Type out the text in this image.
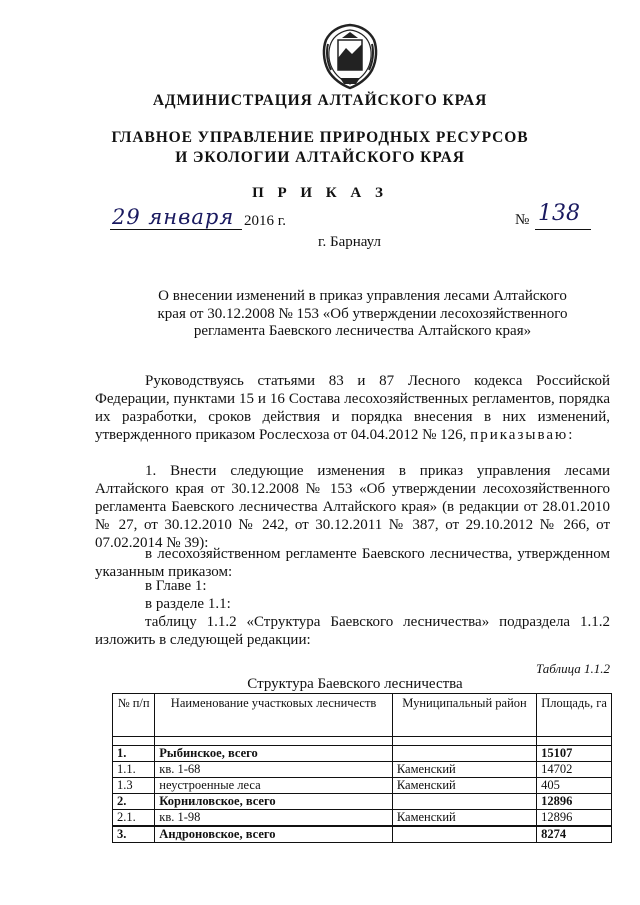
АДМИНИСТРАЦИЯ АЛТАЙСКОГО КРАЯ
ГЛАВНОЕ УПРАВЛЕНИЕ ПРИРОДНЫХ РЕСУРСОВ
И ЭКОЛОГИИ АЛТАЙСКОГО КРАЯ
П Р И К А З
29 января 2016 г.	№ 138
г. Барнаул
О внесении изменений в приказ управления лесами Алтайского
края от 30.12.2008 № 153 «Об утверждении лесохозяйственного
регламента Баевского лесничества Алтайского края»
Руководствуясь статьями 83 и 87 Лесного кодекса Российской Федерации, пунктами 15 и 16 Состава лесохозяйственных регламентов, порядка их разработки, сроков действия и порядка внесения в них изменений, утвержденного приказом Рослесхоза от 04.04.2012 № 126, приказываю:
1. Внести следующие изменения в приказ управления лесами Алтайского края от 30.12.2008 № 153 «Об утверждении лесохозяйственного регламента Баевского лесничества Алтайского края» (в редакции от 28.01.2010 № 27, от 30.12.2010 № 242, от 30.12.2011 № 387, от 29.10.2012 № 266, от 07.02.2014 № 39):
в лесохозяйственном регламенте Баевского лесничества, утвержденном указанным приказом:
в Главе 1:
в разделе 1.1:
таблицу 1.1.2 «Структура Баевского лесничества» подраздела 1.1.2 изложить в следующей редакции:
Таблица 1.1.2
Структура Баевского лесничества
№ п/п	Наименование участковых лесничеств	Муниципальный район	Площадь, га

1.	Рыбинское, всего		15107
1.1.	кв. 1-68	Каменский	14702
1.3	неустроенные леса	Каменский	405
2.	Корниловское, всего		12896
2.1.	кв. 1-98	Каменский	12896
3.	Андроновское, всего		8274
